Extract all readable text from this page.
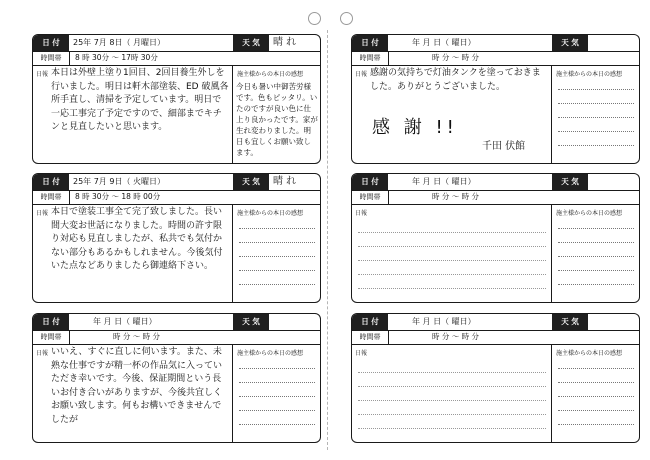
日 付	25年 7月 8日（ 月曜日）	天 気	晴 れ
時間帯	8 時 30分 〜 17時 30分
日報 本日は外壁上塗り1回目、2回目養生外しを行いました。明日は軒木部塗装、ED 破風各所手直し、清掃を予定しています。明日で一応工事完了予定ですので、細部までキチンと見直したいと思います。
施主様からの本日の感想
今日も暑い中御苦労様です。色もピッタリ。いたのですが良い色に仕上り良かったです。家が生れ変わりました。明日も宜しくお願い致します。
日 付	年 月 日（ 曜日）	天 気
時間帯	時 分 〜 時 分
日報 感謝の気持ちで灯油タンクを塗っておきました。ありがとうございました。
感 謝 !!
千田 伏館
施主様からの本日の感想
日 付	25年 7月 9日（ 火曜日）	天 気	晴 れ
時間帯	8 時 30分 〜 18 時 00分
日報 本日で塗装工事全て完了致しました。長い間大変お世話になりました。時間の許す限り対応も見直しましたが、私共でも気付かない部分もあるかもしれません。今後気付いた点などありましたら御連絡下さい。
施主様からの本日の感想
日 付	年 月 日（ 曜日）	天 気
時間帯	時 分 〜 時 分
日報	施主様からの本日の感想
日 付	年 月 日（ 曜日）	天 気
時間帯	時 分 〜 時 分
日報 いいえ、すぐに直しに伺います。また、未熟な仕事ですが精一杯の作品気に入っていただき幸いです。今後、保証期間という長いお付き合いがありますが、今後共宜しくお願い致します。何もお構いできませんでしたが
施主様からの本日の感想
日 付	年 月 日（ 曜日）	天 気
時間帯	時 分 〜 時 分
日報	施主様からの本日の感想
